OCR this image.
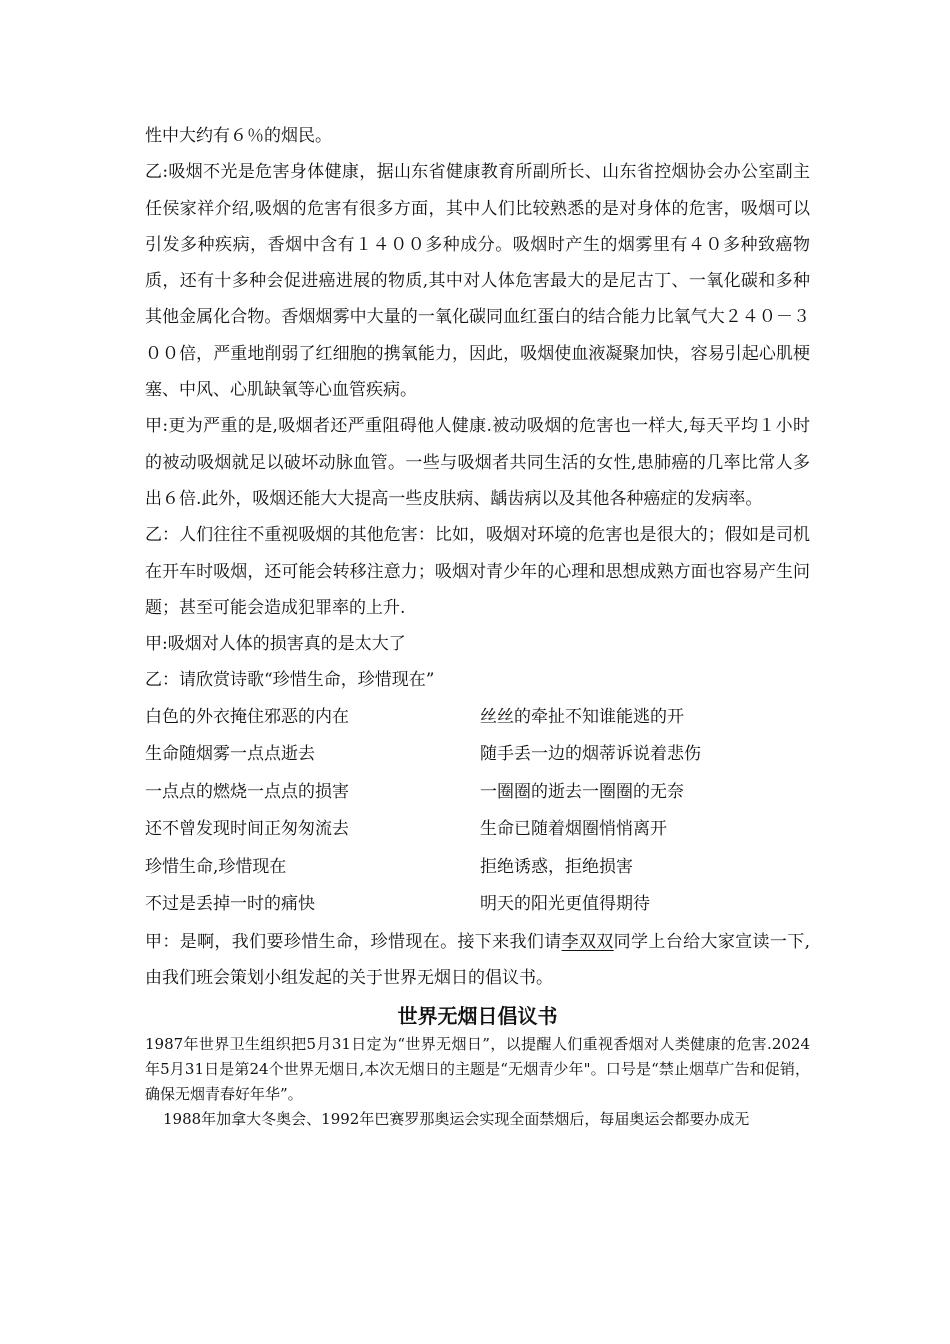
性中大约有６％的烟民。

乙:吸烟不光是危害身体健康，据山东省健康教育所副所长、山东省控烟协会办公室副主任侯家祥介绍,吸烟的危害有很多方面，其中人们比较熟悉的是对身体的危害，吸烟可以引发多种疾病，香烟中含有１４００多种成分。吸烟时产生的烟雾里有４０多种致癌物质，还有十多种会促进癌进展的物质,其中对人体危害最大的是尼古丁、一氧化碳和多种其他金属化合物。香烟烟雾中大量的一氧化碳同血红蛋白的结合能力比氧气大２４０－３００倍，严重地削弱了红细胞的携氧能力，因此，吸烟使血液凝聚加快，容易引起心肌梗塞、中风、心肌缺氧等心血管疾病。

甲:更为严重的是,吸烟者还严重阻碍他人健康.被动吸烟的危害也一样大,每天平均１小时的被动吸烟就足以破坏动脉血管。一些与吸烟者共同生活的女性,患肺癌的几率比常人多出６倍.此外，吸烟还能大大提高一些皮肤病、龋齿病以及其他各种癌症的发病率。

乙：人们往往不重视吸烟的其他危害：比如，吸烟对环境的危害也是很大的；假如是司机在开车时吸烟，还可能会转移注意力；吸烟对青少年的心理和思想成熟方面也容易产生问题；甚至可能会造成犯罪率的上升.

甲:吸烟对人体的损害真的是太大了

乙：请欣赏诗歌“珍惜生命，珍惜现在”

白色的外衣掩住邪恶的内在	丝丝的牵扯不知谁能逃的开
生命随烟雾一点点逝去	随手丢一边的烟蒂诉说着悲伤
一点点的燃烧一点点的损害	一圈圈的逝去一圈圈的无奈
还不曾发现时间正匆匆流去	生命已随着烟圈悄悄离开
珍惜生命,珍惜现在	拒绝诱惑，拒绝损害
不过是丢掉一时的痛快	明天的阳光更值得期待

甲：是啊，我们要珍惜生命，珍惜现在。接下来我们请李双双同学上台给大家宣读一下,由我们班会策划小组发起的关于世界无烟日的倡议书。

世界无烟日倡议书

1987年世界卫生组织把5月31日定为“世界无烟日”，以提醒人们重视香烟对人类健康的危害.2024年5月31日是第24个世界无烟日,本次无烟日的主题是“无烟青少年"。口号是“禁止烟草广告和促销，确保无烟青春好年华”。

1988年加拿大冬奥会、1992年巴赛罗那奥运会实现全面禁烟后，每届奥运会都要办成无
